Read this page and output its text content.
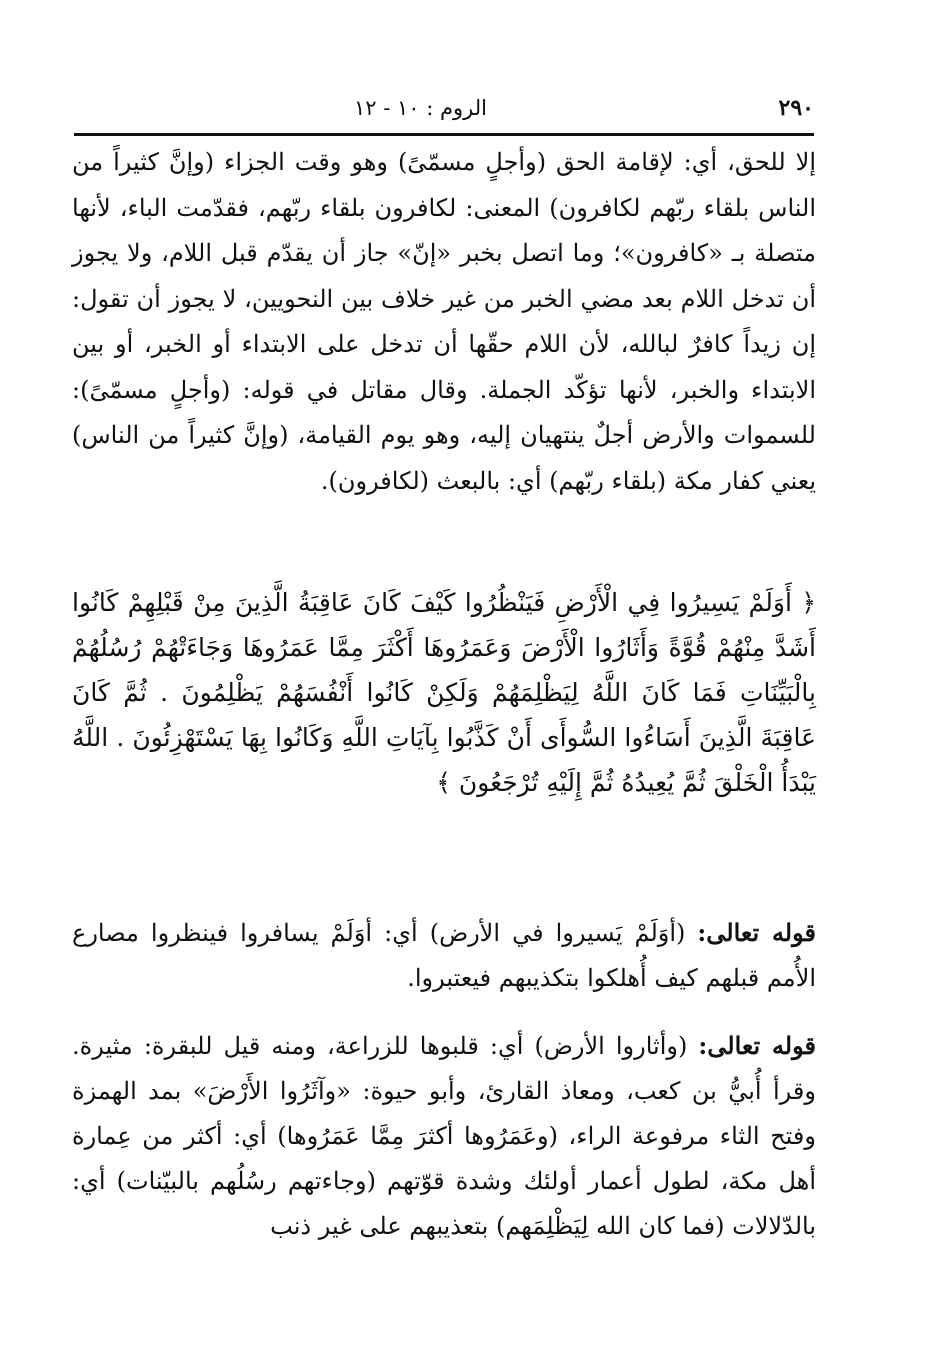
٢٩٠
الروم : ١٠ - ١٢

إلا للحق، أي: لإقامة الحق (وأجلٍ مسمّىً) وهو وقت الجزاء (وإنَّ كثيراً من الناس بلقاء ربّهم لكافرون) المعنى: لكافرون بلقاء ربّهم، فقدّمت الباء، لأنها متصلة بـ «كافرون»؛ وما اتصل بخبر «إنّ» جاز أن يقدّم قبل اللام، ولا يجوز أن تدخل اللام بعد مضي الخبر من غير خلاف بين النحويين، لا يجوز أن تقول: إن زيداً كافرٌ لبالله، لأن اللام حقّها أن تدخل على الابتداء أو الخبر، أو بين الابتداء والخبر، لأنها تؤكّد الجملة. وقال مقاتل في قوله: (وأجلٍ مسمّىً): للسموات والأرض أجلٌ ينتهيان إليه، وهو يوم القيامة، (وإنَّ كثيراً من الناس) يعني كفار مكة (بلقاء ربّهم) أي: بالبعث (لكافرون).

﴿ أَوَلَمْ يَسِيرُوا فِي الْأَرْضِ فَيَنْظُرُوا كَيْفَ كَانَ عَاقِبَةُ الَّذِينَ مِنْ قَبْلِهِمْ كَانُوا أَشَدَّ مِنْهُمْ قُوَّةً وَأَثَارُوا الْأَرْضَ وَعَمَرُوهَا أَكْثَرَ مِمَّا عَمَرُوهَا وَجَاءَتْهُمْ رُسُلُهُمْ بِالْبَيِّنَاتِ فَمَا كَانَ اللَّهُ لِيَظْلِمَهُمْ وَلَكِنْ كَانُوا أَنْفُسَهُمْ يَظْلِمُونَ . ثُمَّ كَانَ عَاقِبَةَ الَّذِينَ أَسَاءُوا السُّوأَى أَنْ كَذَّبُوا بِآيَاتِ اللَّهِ وَكَانُوا بِهَا يَسْتَهْزِئُونَ . اللَّهُ يَبْدَأُ الْخَلْقَ ثُمَّ يُعِيدُهُ ثُمَّ إِلَيْهِ تُرْجَعُونَ ﴾

قوله تعالى: (أوَلَمْ يَسيروا في الأرض) أي: أوَلَمْ يسافروا فينظروا مصارع الأُمم قبلهم كيف أُهلكوا بتكذيبهم فيعتبروا.

قوله تعالى: (وأثاروا الأرض) أي: قلبوها للزراعة، ومنه قيل للبقرة: مثيرة. وقرأ أُبيُّ بن كعب، ومعاذ القارئ، وأبو حيوة: «وآثَرُوا الأَرْضَ» بمد الهمزة وفتح الثاء مرفوعة الراء، (وعَمَرُوها أكثرَ مِمَّا عَمَرُوها) أي: أكثر من عِمارة أهل مكة، لطول أعمار أولئك وشدة قوّتهم (وجاءتهم رسُلُهم بالبيّنات) أي: بالدّلالات (فما كان الله لِيَظْلِمَهم) بتعذيبهم على غير ذنب
